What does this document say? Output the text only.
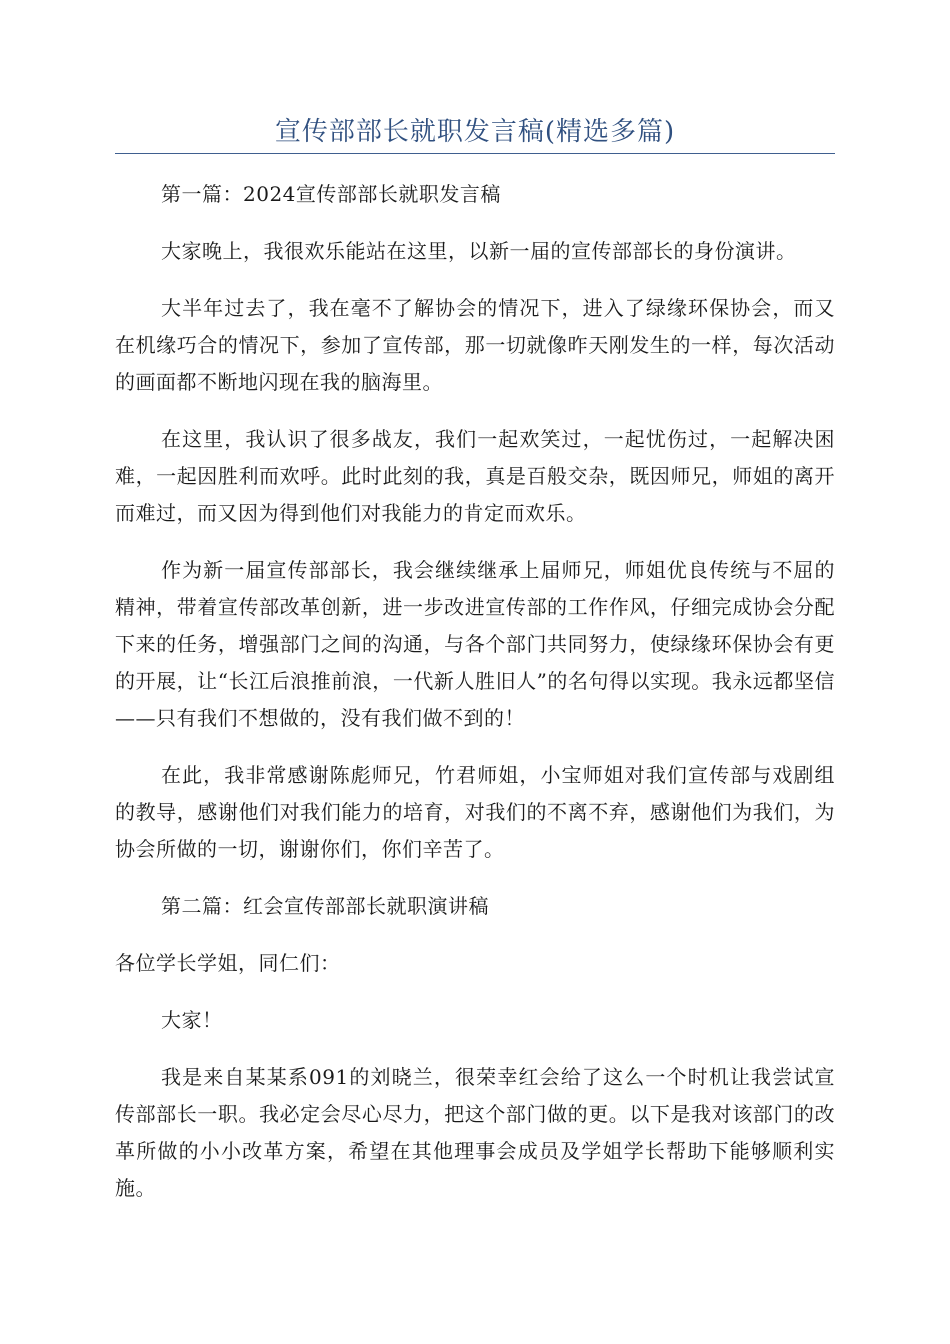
宣传部部长就职发言稿(精选多篇)

第一篇：2024宣传部部长就职发言稿

大家晚上，我很欢乐能站在这里，以新一届的宣传部部长的身份演讲。

大半年过去了，我在毫不了解协会的情况下，进入了绿缘环保协会，而又在机缘巧合的情况下，参加了宣传部，那一切就像昨天刚发生的一样，每次活动的画面都不断地闪现在我的脑海里。

在这里，我认识了很多战友，我们一起欢笑过，一起忧伤过，一起解决困难，一起因胜利而欢呼。此时此刻的我，真是百般交杂，既因师兄，师姐的离开而难过，而又因为得到他们对我能力的肯定而欢乐。

作为新一届宣传部部长，我会继续继承上届师兄，师姐优良传统与不屈的精神，带着宣传部改革创新，进一步改进宣传部的工作作风，仔细完成协会分配下来的任务，增强部门之间的沟通，与各个部门共同努力，使绿缘环保协会有更的开展，让“长江后浪推前浪，一代新人胜旧人”的名句得以实现。我永远都坚信——只有我们不想做的，没有我们做不到的！

在此，我非常感谢陈彪师兄，竹君师姐，小宝师姐对我们宣传部与戏剧组的教导，感谢他们对我们能力的培育，对我们的不离不弃，感谢他们为我们，为协会所做的一切，谢谢你们，你们辛苦了。

第二篇：红会宣传部部长就职演讲稿

各位学长学姐，同仁们：

大家！

我是来自某某系091的刘晓兰，很荣幸红会给了这么一个时机让我尝试宣传部部长一职。我必定会尽心尽力，把这个部门做的更。以下是我对该部门的改革所做的小小改革方案，希望在其他理事会成员及学姐学长帮助下能够顺利实施。
